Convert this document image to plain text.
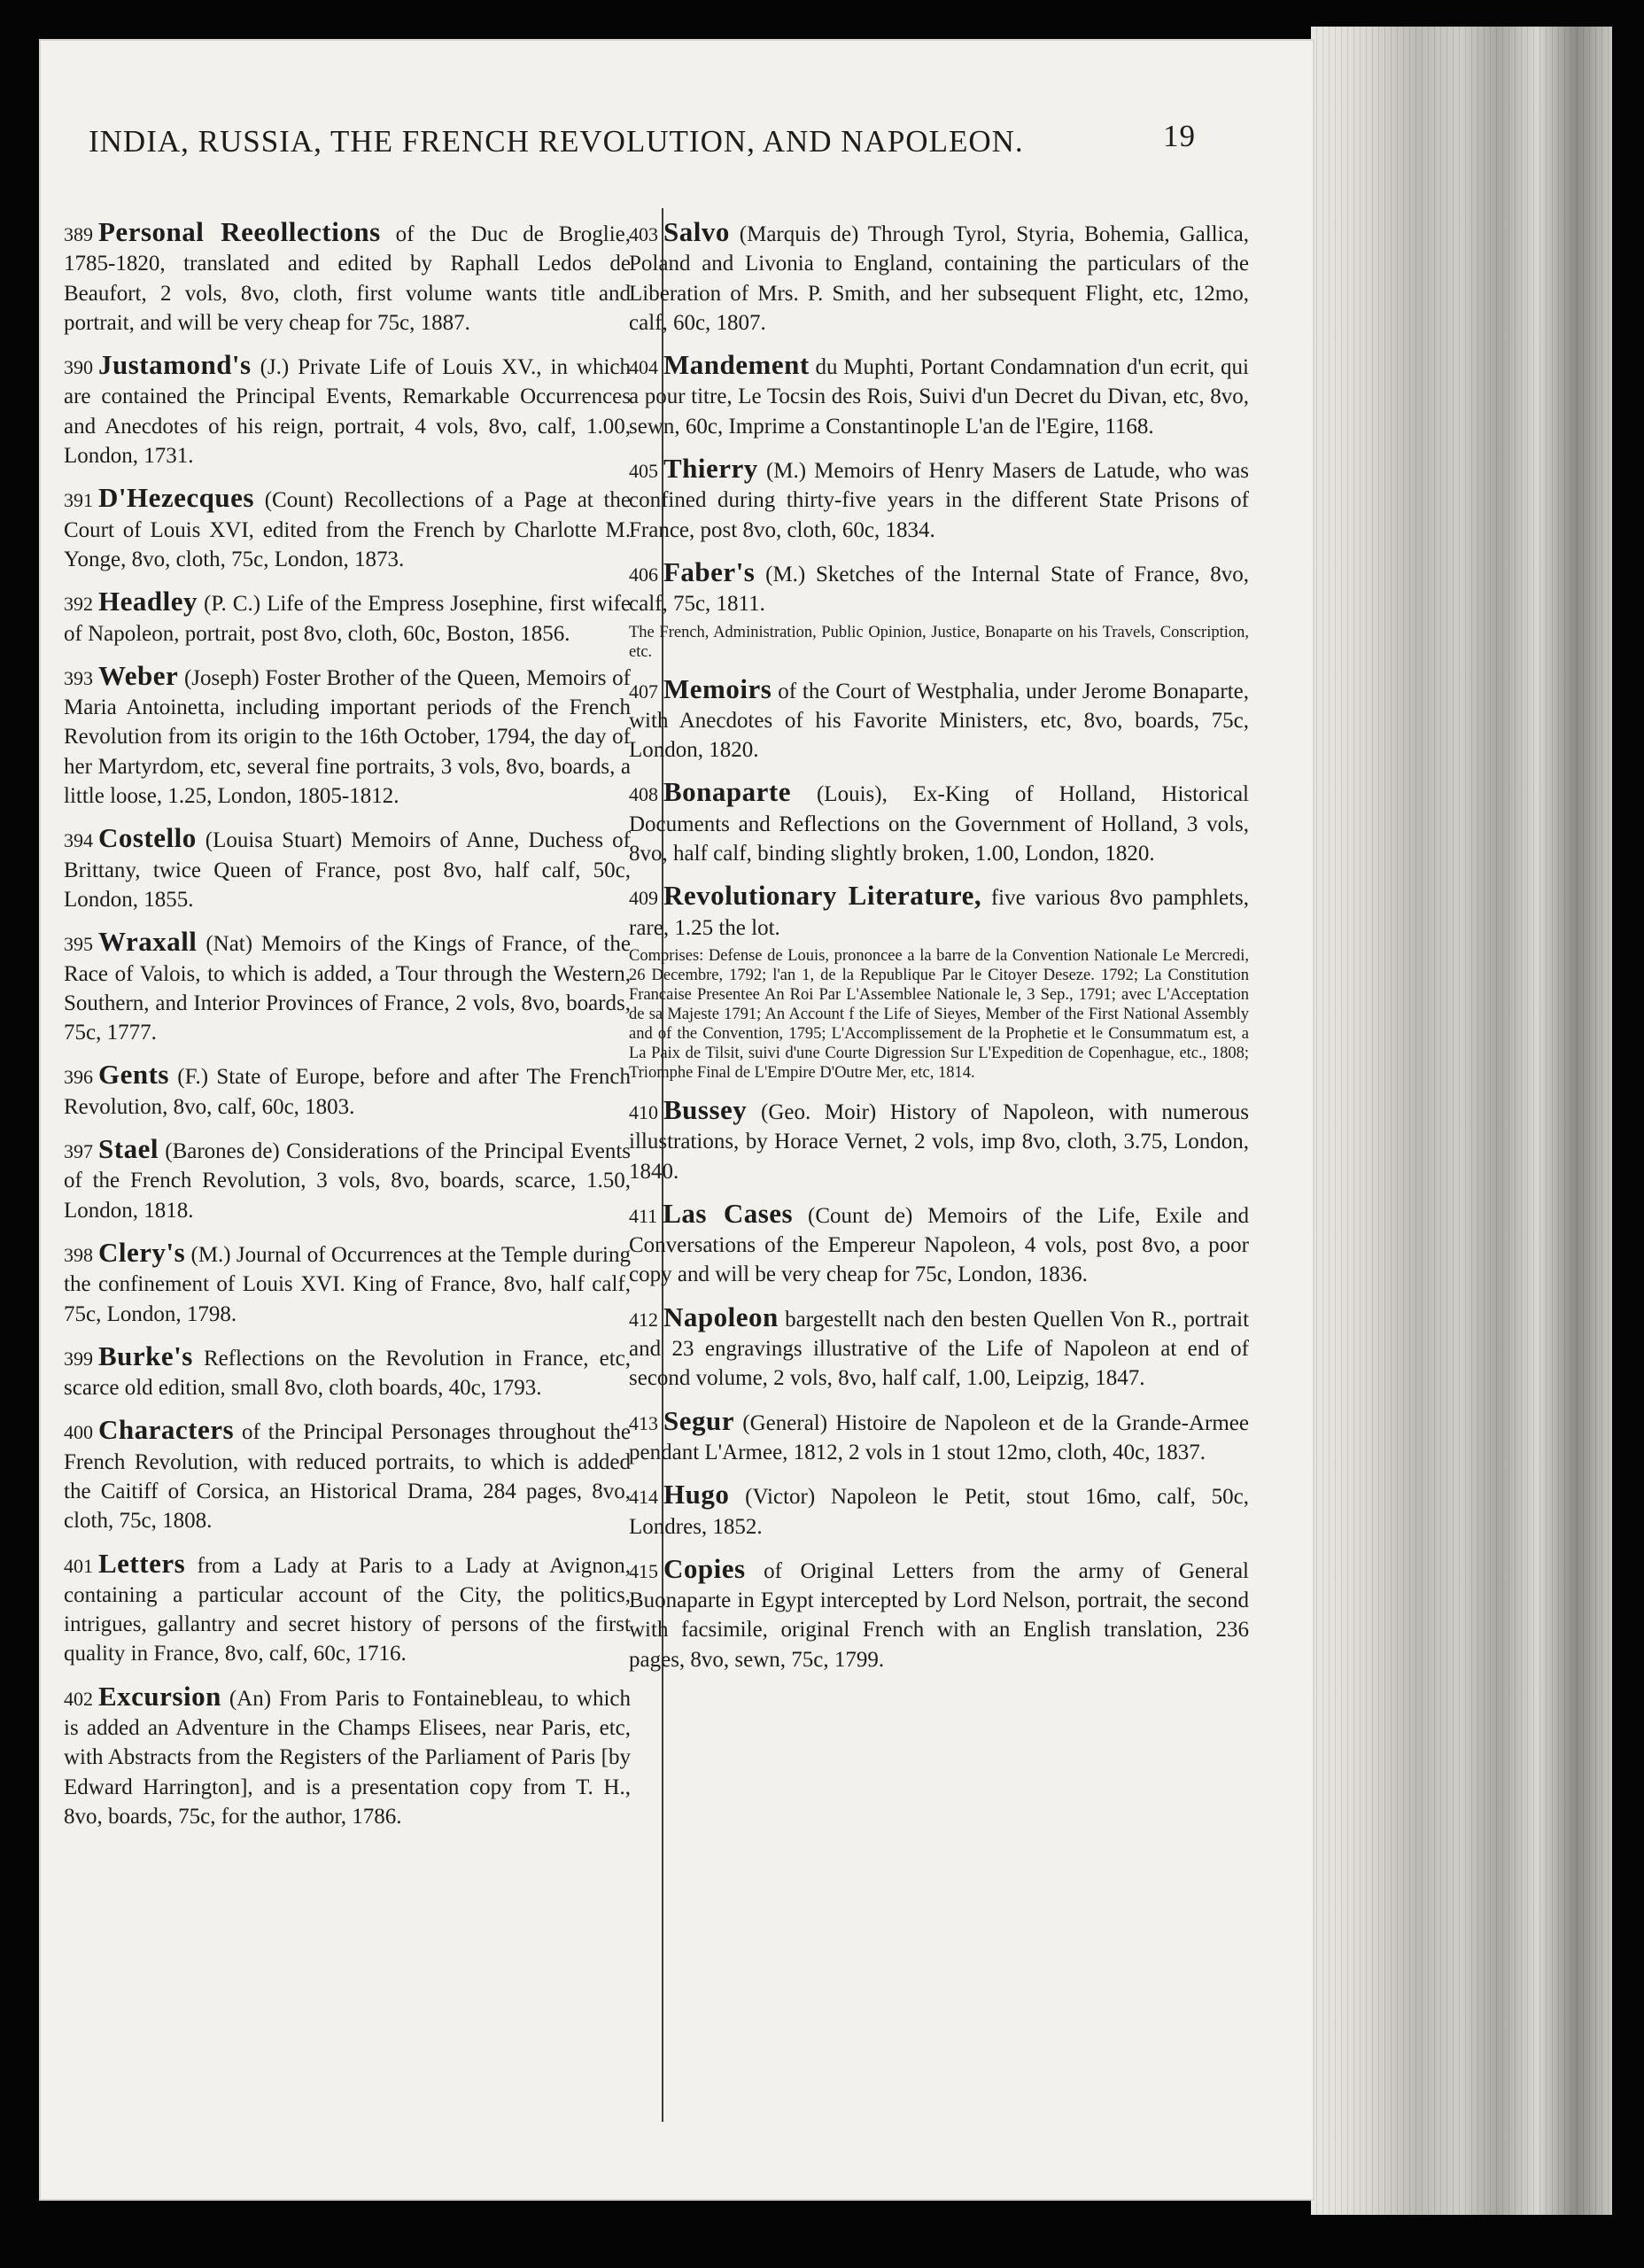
INDIA, RUSSIA, THE FRENCH REVOLUTION, AND NAPOLEON.	19
389 Personal Reeollections of the Duc de Broglie, 1785-1820, translated and edited by Raphall Ledos de Beaufort, 2 vols, 8vo, cloth, first volume wants title and portrait, and will be very cheap for 75c, 1887.
390 Justamond's (J.) Private Life of Louis XV., in which are contained the Principal Events, Remarkable Occurrences and Anecdotes of his reign, portrait, 4 vols, 8vo, calf, 1.00, London, 1731.
391 D'Hezecques (Count) Recollections of a Page at the Court of Louis XVI, edited from the French by Charlotte M. Yonge, 8vo, cloth, 75c, London, 1873.
392 Headley (P. C.) Life of the Empress Josephine, first wife of Napoleon, portrait, post 8vo, cloth, 60c, Boston, 1856.
393 Weber (Joseph) Foster Brother of the Queen, Memoirs of Maria Antoinetta, including important periods of the French Revolution from its origin to the 16th October, 1794, the day of her Martyrdom, etc, several fine portraits, 3 vols, 8vo, boards, a little loose, 1.25, London, 1805-1812.
394 Costello (Louisa Stuart) Memoirs of Anne, Duchess of Brittany, twice Queen of France, post 8vo, half calf, 50c, London, 1855.
395 Wraxall (Nat) Memoirs of the Kings of France, of the Race of Valois, to which is added, a Tour through the Western, Southern, and Interior Provinces of France, 2 vols, 8vo, boards, 75c, 1777.
396 Gents (F.) State of Europe, before and after The French Revolution, 8vo, calf, 60c, 1803.
397 Stael (Barones de) Considerations of the Principal Events of the French Revolution, 3 vols, 8vo, boards, scarce, 1.50, London, 1818.
398 Clery's (M.) Journal of Occurrences at the Temple during the confinement of Louis XVI. King of France, 8vo, half calf, 75c, London, 1798.
399 Burke's Reflections on the Revolution in France, etc, scarce old edition, small 8vo, cloth boards, 40c, 1793.
400 Characters of the Principal Personages throughout the French Revolution, with reduced portraits, to which is added the Caitiff of Corsica, an Historical Drama, 284 pages, 8vo, cloth, 75c, 1808.
401 Letters from a Lady at Paris to a Lady at Avignon, containing a particular account of the City, the politics, intrigues, gallantry and secret history of persons of the first quality in France, 8vo, calf, 60c, 1716.
402 Excursion (An) From Paris to Fontainebleau, to which is added an Adventure in the Champs Elisees, near Paris, etc, with Abstracts from the Registers of the Parliament of Paris [by Edward Harrington], and is a presentation copy from T. H., 8vo, boards, 75c, for the author, 1786.
403 Salvo (Marquis de) Through Tyrol, Styria, Bohemia, Gallica, Poland and Livonia to England, containing the particulars of the Liberation of Mrs. P. Smith, and her subsequent Flight, etc, 12mo, calf, 60c, 1807.
404 Mandement du Muphti, Portant Condamnation d'un ecrit, qui a pour titre, Le Tocsin des Rois, Suivi d'un Decret du Divan, etc, 8vo, sewn, 60c, Imprime a Constantinople L'an de l'Egire, 1168.
405 Thierry (M.) Memoirs of Henry Masers de Latude, who was confined during thirty-five years in the different State Prisons of France, post 8vo, cloth, 60c, 1834.
406 Faber's (M.) Sketches of the Internal State of France, 8vo, calf, 75c, 1811.
The French, Administration, Public Opinion, Justice, Bonaparte on his Travels, Conscription, etc.
407 Memoirs of the Court of Westphalia, under Jerome Bonaparte, with Anecdotes of his Favorite Ministers, etc, 8vo, boards, 75c, London, 1820.
408 Bonaparte (Louis), Ex-King of Holland, Historical Documents and Reflections on the Government of Holland, 3 vols, 8vo, half calf, binding slightly broken, 1.00, London, 1820.
409 Revolutionary Literature, five various 8vo pamphlets, rare, 1.25 the lot.
Comprises: Defense de Louis, prononcee a la barre de la Convention Nationale Le Mercredi, 26 Decembre, 1792; l'an 1, de la Republique Par le Citoyer Deseze. 1792; La Constitution Francaise Presentee An Roi Par L'Assemblee Nationale le, 3 Sep., 1791; avec L'Acceptation de sa Majeste 1791; An Account f the Life of Sieyes, Member of the First National Assembly and of the Convention, 1795; L'Accomplissement de la Prophetie et le Consummatum est, a La Paix de Tilsit, suivi d'une Courte Digression Sur L'Expedition de Copenhague, etc., 1808; Triomphe Final de L'Empire D'Outre Mer, etc, 1814.
410 Bussey (Geo. Moir) History of Napoleon, with numerous illustrations, by Horace Vernet, 2 vols, imp 8vo, cloth, 3.75, London, 1840.
411 Las Cases (Count de) Memoirs of the Life, Exile and Conversations of the Empereur Napoleon, 4 vols, post 8vo, a poor copy and will be very cheap for 75c, London, 1836.
412 Napoleon bargestellt nach den besten Quellen Von R., portrait and 23 engravings illustrative of the Life of Napoleon at end of second volume, 2 vols, 8vo, half calf, 1.00, Leipzig, 1847.
413 Segur (General) Histoire de Napoleon et de la Grande-Armee pendant L'Armee, 1812, 2 vols in 1 stout 12mo, cloth, 40c, 1837.
414 Hugo (Victor) Napoleon le Petit, stout 16mo, calf, 50c, Londres, 1852.
415 Copies of Original Letters from the army of General Buonaparte in Egypt intercepted by Lord Nelson, portrait, the second with facsimile, original French with an English translation, 236 pages, 8vo, sewn, 75c, 1799.
